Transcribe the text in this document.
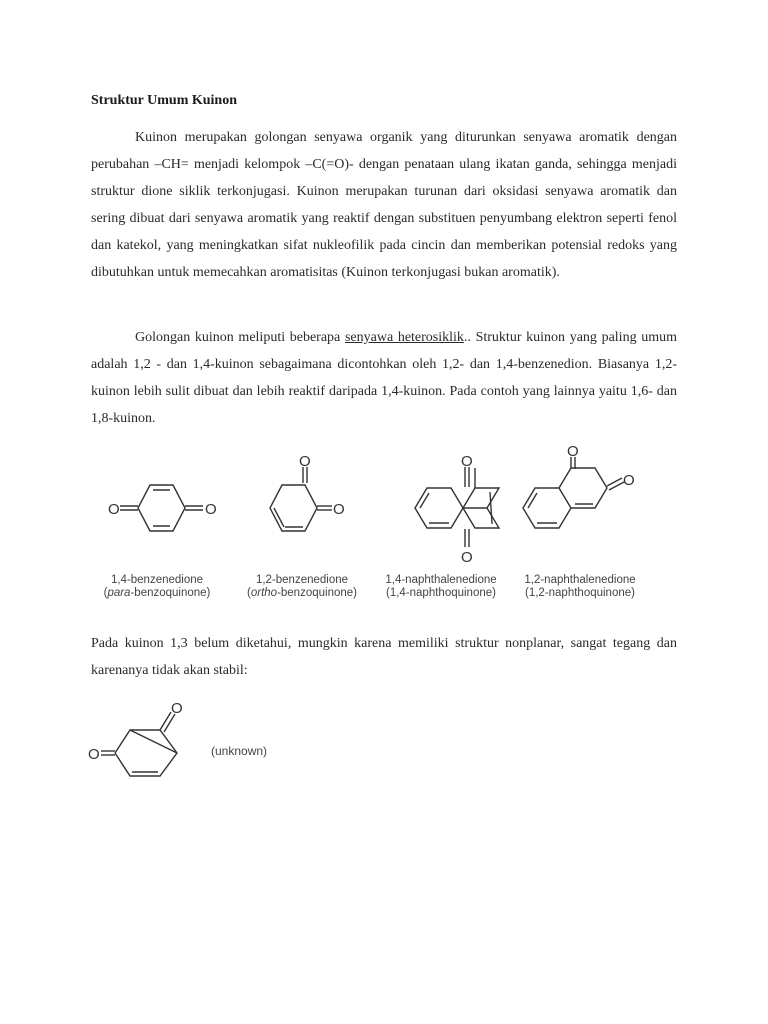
Struktur Umum Kuinon

Kuinon merupakan golongan senyawa organik yang diturunkan senyawa aromatik dengan perubahan –CH= menjadi kelompok –C(=O)- dengan penataan ulang ikatan ganda, sehingga menjadi struktur dione siklik terkonjugasi. Kuinon merupakan turunan dari oksidasi senyawa aromatik dan sering dibuat dari senyawa aromatik yang reaktif dengan substituen penyumbang elektron seperti fenol dan katekol, yang meningkatkan sifat nukleofilik pada cincin dan memberikan potensial redoks yang dibutuhkan untuk memecahkan aromatisitas (Kuinon terkonjugasi bukan aromatik).

Golongan kuinon meliputi beberapa senyawa heterosiklik.. Struktur kuinon yang paling umum adalah 1,2 - dan 1,4-kuinon sebagaimana dicontohkan oleh 1,2- dan 1,4-benzenedion. Biasanya 1,2-kuinon lebih sulit dibuat dan lebih reaktif daripada 1,4-kuinon. Pada contoh yang lainnya yaitu 1,6- dan 1,8-kuinon.

O	O
O
O
O
O
O
O
1,4-benzenedione
(para-benzoquinone)
1,2-benzenedione
(ortho-benzoquinone)
1,4-naphthalenedione
(1,4-naphthoquinone)
1,2-naphthalenedione
(1,2-naphthoquinone)

Pada kuinon 1,3 belum diketahui, mungkin karena memiliki struktur nonplanar, sangat tegang dan karenanya tidak akan stabil:

O
O	(unknown)
